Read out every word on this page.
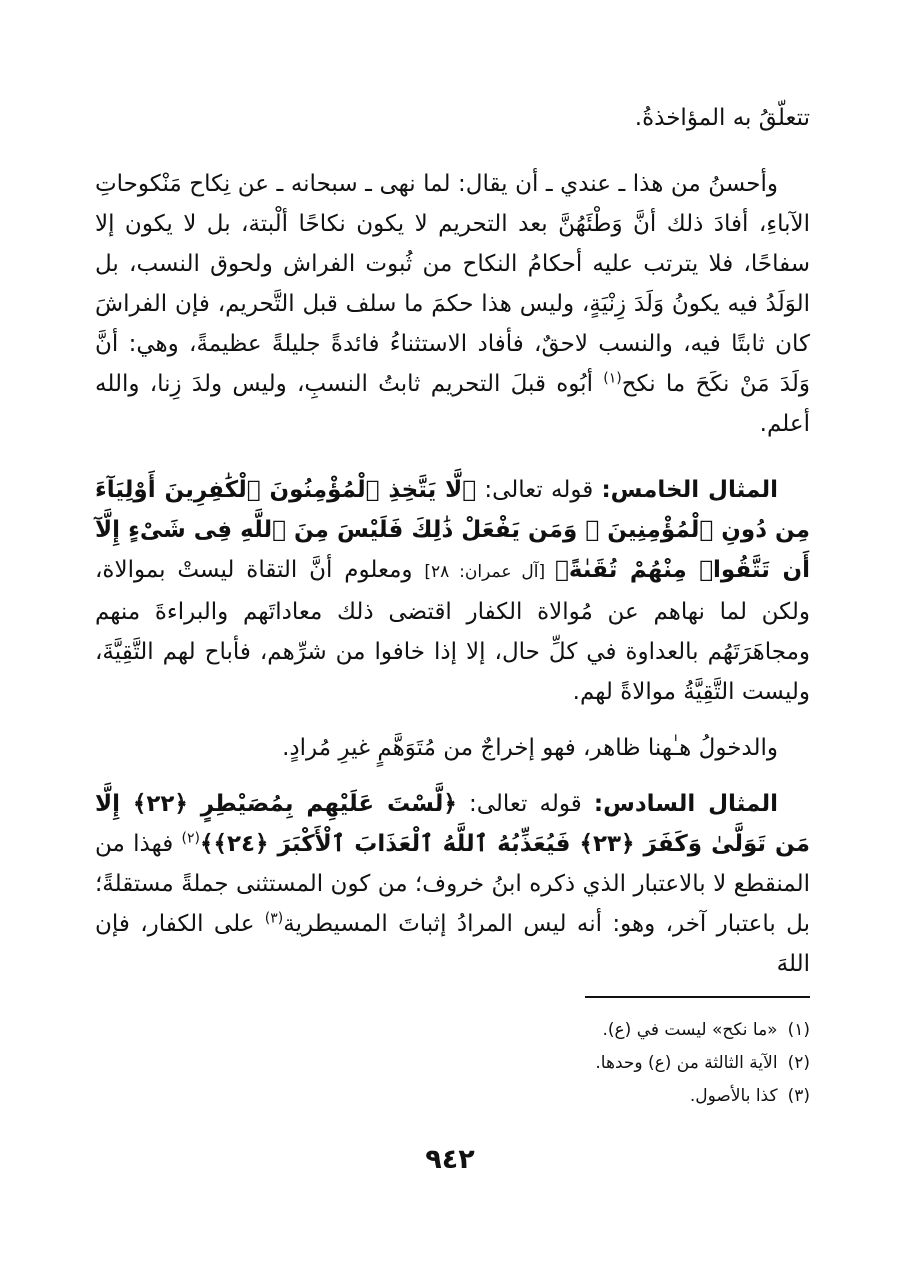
تتعلّقُ به المؤاخذةُ.

وأحسنُ من هذا ـ عندي ـ أن يقال: لما نهى ـ سبحانه ـ عن نِكاح مَنْكوحاتِ الآباءِ، أفادَ ذلك أنَّ وَطْئَهُنَّ بعد التحريم لا يكون نكاحًا ألْبتة، بل لا يكون إلا سفاحًا، فلا يترتب عليه أحكامُ النكاح من ثُبوت الفراش ولحوق النسب، بل الوَلَدُ فيه يكونُ وَلَدَ زِنْيَةٍ، وليس هذا حكمَ ما سلف قبل التَّحريم، فإن الفراشَ كان ثابتًا فيه، والنسب لاحقٌ، فأفاد الاستثناءُ فائدةً جليلةً عظيمةً، وهي: أنَّ وَلَدَ مَنْ نكَحَ ما نكح$^{(١)}$ أبُوه قبلَ التحريم ثابتُ النسبِ، وليس ولدَ زِنا، والله أعلم.

المثال الخامس: قوله تعالى: ﴿لَّا يَتَّخِذِ ٱلْمُؤْمِنُونَ ٱلْكَٰفِرِينَ أَوْلِيَآءَ مِن دُونِ ٱلْمُؤْمِنِينَ ۖ وَمَن يَفْعَلْ ذَٰلِكَ فَلَيْسَ مِنَ ٱللَّهِ فِى شَىْءٍ إِلَّآ أَن تَتَّقُوا۟ مِنْهُمْ تُقَىٰةً﴾ [آل عمران: ٢٨] ومعلوم أنَّ التقاة ليستْ بموالاة، ولكن لما نهاهم عن مُوالاة الكفار اقتضى ذلك معاداتَهم والبراءةَ منهم ومجاهَرَتَهُم بالعداوة في كلِّ حال، إلا إذا خافوا من شرِّهم، فأباح لهم التَّقِيَّةَ، وليست التَّقِيَّةُ موالاةً لهم.

والدخولُ هـٰهنا ظاهر، فهو إخراجٌ من مُتَوَهَّمٍ غيرِ مُرادٍ.

المثال السادس: قوله تعالى: ﴿لَّسْتَ عَلَيْهِم بِمُصَيْطِرٍ ﴿٢٢﴾ إِلَّا مَن تَوَلَّىٰ وَكَفَرَ ﴿٢٣﴾ فَيُعَذِّبُهُ ٱللَّهُ ٱلْعَذَابَ ٱلْأَكْبَرَ ﴿٢٤﴾﴾$^{(٢)}$ فهذا من المنقطع لا بالاعتبار الذي ذكره ابنُ خروف؛ من كون المستثنى جملةً مستقلةً؛ بل باعتبار آخر، وهو: أنه ليس المرادُ إثباتَ المسيطرية$^{(٣)}$ على الكفار، فإن اللهَ

(١)«ما نكح» ليست في (ع).

(٢)الآية الثالثة من (ع) وحدها.

(٣)كذا بالأصول.

٩٤٢
